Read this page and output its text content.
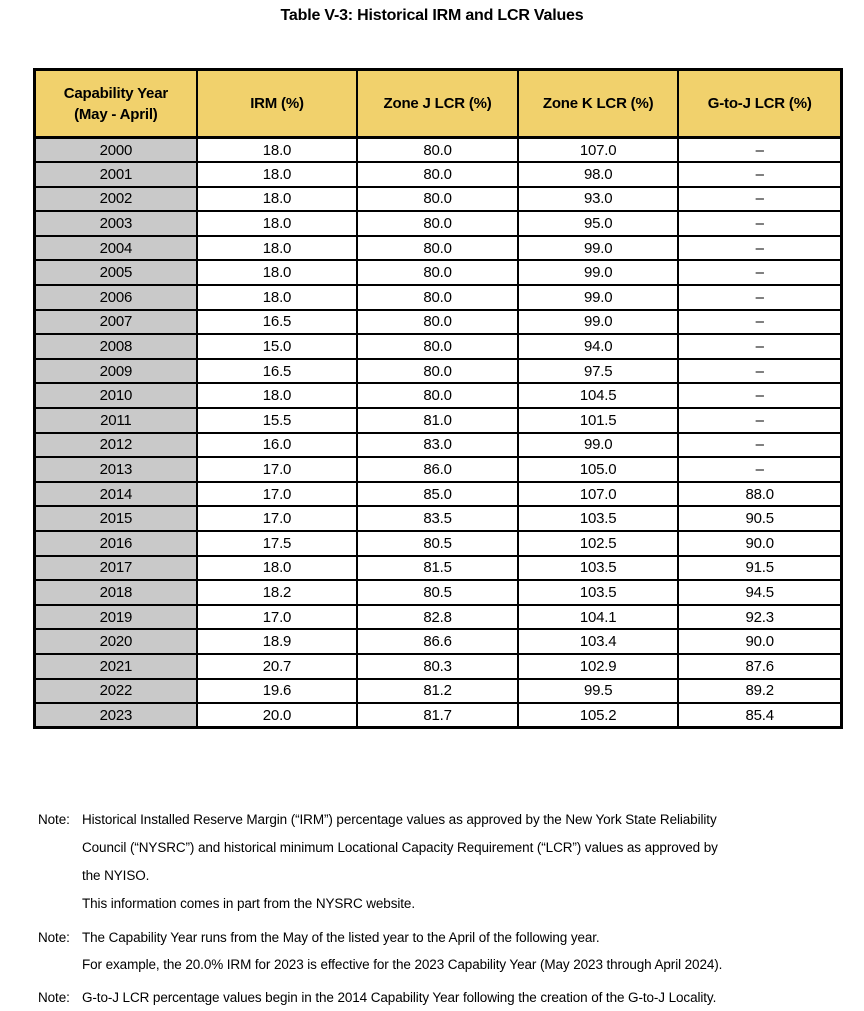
Table V-3: Historical IRM and LCR Values
Capability Year
(May - April)	IRM (%)	Zone J LCR (%)	Zone K LCR (%)	G-to-J LCR (%)
2000	18.0	80.0	107.0	–
2001	18.0	80.0	98.0	–
2002	18.0	80.0	93.0	–
2003	18.0	80.0	95.0	–
2004	18.0	80.0	99.0	–
2005	18.0	80.0	99.0	–
2006	18.0	80.0	99.0	–
2007	16.5	80.0	99.0	–
2008	15.0	80.0	94.0	–
2009	16.5	80.0	97.5	–
2010	18.0	80.0	104.5	–
2011	15.5	81.0	101.5	–
2012	16.0	83.0	99.0	–
2013	17.0	86.0	105.0	–
2014	17.0	85.0	107.0	88.0
2015	17.0	83.5	103.5	90.5
2016	17.5	80.5	102.5	90.0
2017	18.0	81.5	103.5	91.5
2018	18.2	80.5	103.5	94.5
2019	17.0	82.8	104.1	92.3
2020	18.9	86.6	103.4	90.0
2021	20.7	80.3	102.9	87.6
2022	19.6	81.2	99.5	89.2
2023	20.0	81.7	105.2	85.4
Note: Historical Installed Reserve Margin (“IRM”) percentage values as approved by the New York State Reliability
Council (“NYSRC”) and historical minimum Locational Capacity Requirement (“LCR”) values as approved by
the NYISO.
This information comes in part from the NYSRC website.
Note: The Capability Year runs from the May of the listed year to the April of the following year.
For example, the 20.0% IRM for 2023 is effective for the 2023 Capability Year (May 2023 through April 2024).
Note: G-to-J LCR percentage values begin in the 2014 Capability Year following the creation of the G-to-J Locality.
